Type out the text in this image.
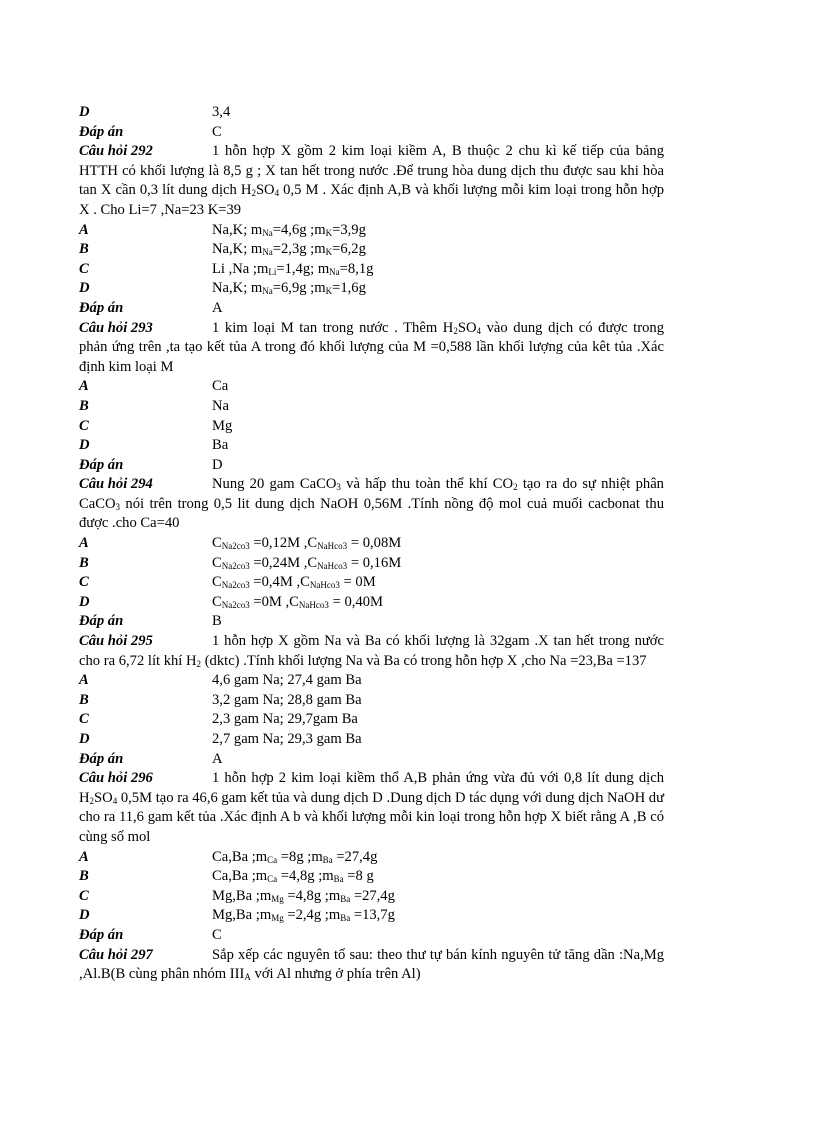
D	3,4
Đáp án	C

Câu hỏi 292	1 hỗn hợp X gồm 2 kim loại kiềm A, B thuộc 2 chu kì kế tiếp của bảng HTTH có khối lượng là 8,5 g ; X tan hết trong nước .Để trung hòa dung dịch thu được sau khi hòa tan X cần 0,3 lít dung dịch $H_2SO_4$ 0,5 M . Xác định A,B và khối lượng mỗi kim loại trong hỗn hợp X . Cho Li=7 ,Na=23 K=39

A	Na,K; $m_{Na}=4,6g$ $;m_K=3,9g$
B	Na,K; $m_{Na}=2,3g$ $;m_K=6,2g$
C	Li ,Na $;m_{Li}=1,4g$; $m_{Na}=8,1g$
D	Na,K; $m_{Na}=6,9g$ $;m_K=1,6g$
Đáp án	A

Câu hỏi 293	1 kim loại M tan trong nước . Thêm $H_2SO_4$ vào dung dịch có được trong phản ứng trên ,ta tạo kết tủa A trong đó khối lượng của M =0,588 lần khối lượng của kêt tủa .Xác định kim loại M

A	Ca
B	Na
C	Mg
D	Ba
Đáp án	D

Câu hỏi 294	Nung 20 gam CaCO$_3$ và hấp thu toàn thể khí $CO_2$ tạo ra do sự nhiệt phân CaCO$_3$ nói trên trong 0,5 lit dung dịch NaOH 0,56M .Tính nồng độ mol cuả muối cacbonat thu được .cho Ca=40

A	$C_{Na2co3} =0,12M$ $,C_{NaHco3} = 0,08M$
B	$C_{Na2co3} =0,24M$ $,C_{NaHco3} = 0,16M$
C	$C_{Na2co3} =0,4M$ $,C_{NaHco3} = 0M$
D	$C_{Na2co3} =0M$ $,C_{NaHco3} = 0,40M$
Đáp án	B

Câu hỏi 295	1 hỗn hợp X gồm Na và Ba có khối lượng là 32gam .X tan hết trong nước cho ra 6,72 lít khí $H_2$ (dktc) .Tính khối lượng Na và Ba có trong hỗn hợp X ,cho Na =23,Ba =137

A	4,6 gam Na; 27,4 gam Ba
B	3,2 gam Na; 28,8 gam Ba
C	2,3 gam Na; 29,7gam Ba
D	2,7 gam Na; 29,3 gam Ba
Đáp án	A

Câu hỏi 296	1 hỗn hợp 2 kim loại kiềm thổ A,B phản ứng vừa đủ với 0,8 lít dung dịch $H_2SO_4$ 0,5M tạo ra 46,6 gam kết tủa và dung dịch D .Dung dịch D tác dụng với dung dịch NaOH dư cho ra 11,6 gam kết tủa .Xác định A b và khối lượng mỗi kin loại trong hỗn hợp X biết rằng A ,B có cùng số mol

A	Ca,Ba $;m_{Ca} =8g$ $;m_{Ba} =27,4g$
B	Ca,Ba $;m_{Ca} =4,8g$ $;m_{Ba} =8$ g
C	Mg,Ba $;m_{Mg} =4,8g$ $;m_{Ba} =27,4g$
D	Mg,Ba $;m_{Mg} =2,4g$ $;m_{Ba} =13,7g$
Đáp án	C

Câu hỏi 297	Sắp xếp các nguyên tố sau: theo thư tự bán kính nguyên tử tăng dần :Na,Mg ,Al.B(B cùng phân nhóm $III_A$ với Al nhưng ở phía trên Al)
